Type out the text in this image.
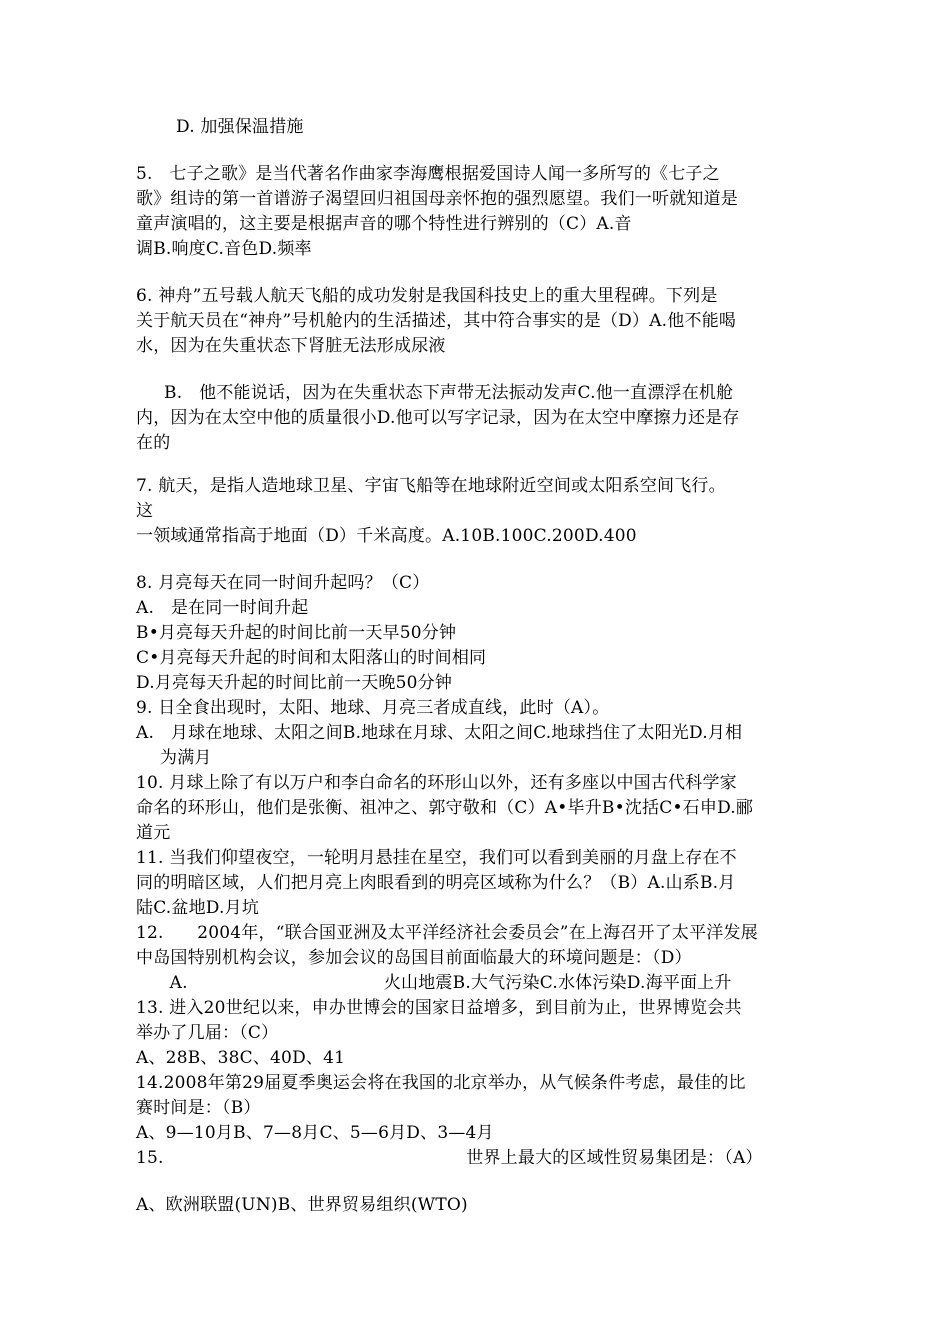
D. 加强保温措施
5.   七子之歌》是当代著名作曲家李海鹰根据爱国诗人闻一多所写的《七子之
歌》组诗的第一首谱游子渴望回归祖国母亲怀抱的强烈愿望。我们一听就知道是
童声演唱的，这主要是根据声音的哪个特性进行辨别的（C）A.音
调B.响度C.音色D.频率
6. 神舟”五号载人航天飞船的成功发射是我国科技史上的重大里程碑。下列是
关于航天员在“神舟”号机舱内的生活描述，其中符合事实的是（D）A.他不能喝
水，因为在失重状态下肾脏无法形成尿液
B.   他不能说话，因为在失重状态下声带无法振动发声C.他一直漂浮在机舱
内，因为在太空中他的质量很小D.他可以写字记录，因为在太空中摩擦力还是存
在的
7. 航天，是指人造地球卫星、宇宙飞船等在地球附近空间或太阳系空间飞行。
这
一领域通常指高于地面（D）千米高度。A.10B.100C.200D.400
8. 月亮每天在同一时间升起吗？（C）
A.   是在同一时间升起
B•月亮每天升起的时间比前一天早50分钟
C•月亮每天升起的时间和太阳落山的时间相同
D.月亮每天升起的时间比前一天晚50分钟
9. 日全食出现时，太阳、地球、月亮三者成直线，此时（A）。
A.   月球在地球、太阳之间B.地球在月球、太阳之间C.地球挡住了太阳光D.月相
为满月
10. 月球上除了有以万户和李白命名的环形山以外，还有多座以中国古代科学家
命名的环形山，他们是张衡、祖冲之、郭守敬和（C）A•毕升B•沈括C•石申D.郦
道元
11. 当我们仰望夜空，一轮明月悬挂在星空，我们可以看到美丽的月盘上存在不
同的明暗区域，人们把月亮上肉眼看到的明亮区域称为什么？（B）A.山系B.月
陆C.盆地D.月坑
12.      2004年，“联合国亚洲及太平洋经济社会委员会”在上海召开了太平洋发展
中岛国特别机构会议，参加会议的岛国目前面临最大的环境问题是：（D）
A.                                   火山地震B.大气污染C.水体污染D.海平面上升
13. 进入20世纪以来，申办世博会的国家日益增多，到目前为止，世界博览会共
举办了几届：（C）
A、28B、38C、40D、41
14.2008年第29届夏季奥运会将在我国的北京举办，从气候条件考虑，最佳的比
赛时间是：（B）
A、9—10月B、7—8月C、5—6月D、3—4月
15.                                                      世界上最大的区域性贸易集团是：（A）
A、欧洲联盟(UN)B、世界贸易组织(WTO)
